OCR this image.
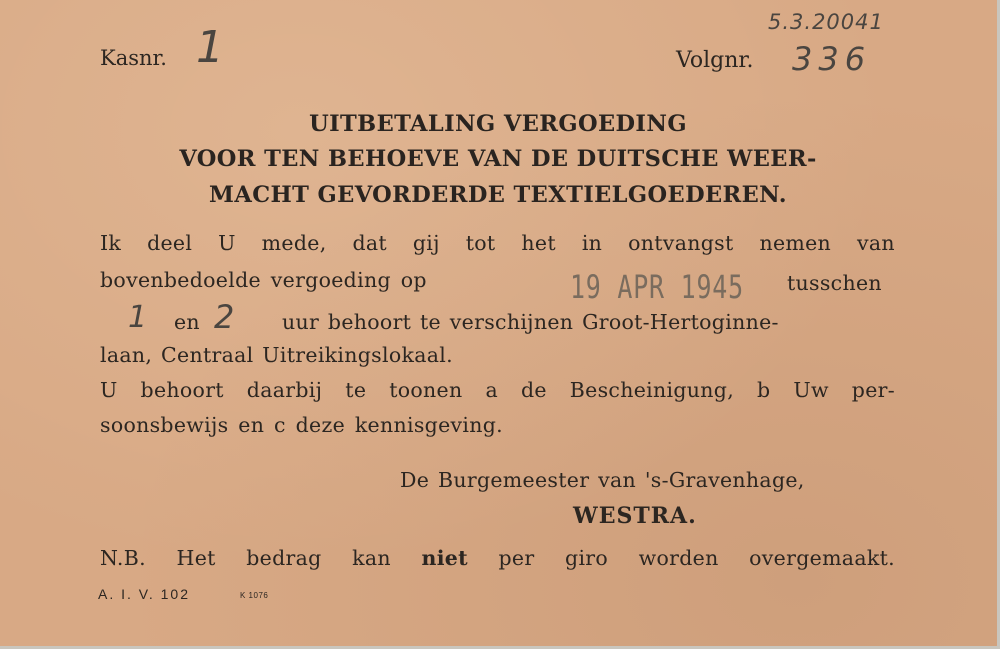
5.3.20041
Kasnr. 1	Volgnr. 336
UITBETALING VERGOEDING
VOOR TEN BEHOEVE VAN DE DUITSCHE WEER-
MACHT GEVORDERDE TEXTIELGOEDEREN.
Ik deel U mede, dat gij tot het in ontvangst nemen van
bovenbedoelde vergoeding op	19 APR 1945 tusschen
1 en 2 uur behoort te verschijnen Groot-Hertoginne-
laan, Centraal Uitreikingslokaal.
U behoort daarbij te toonen a de Bescheinigung, b Uw per-
soonsbewijs en c deze kennisgeving.
De Burgemeester van 's-Gravenhage,
WESTRA.
N.B. Het bedrag kan niet per giro worden overgemaakt.
A. I. V. 102	K 1076
